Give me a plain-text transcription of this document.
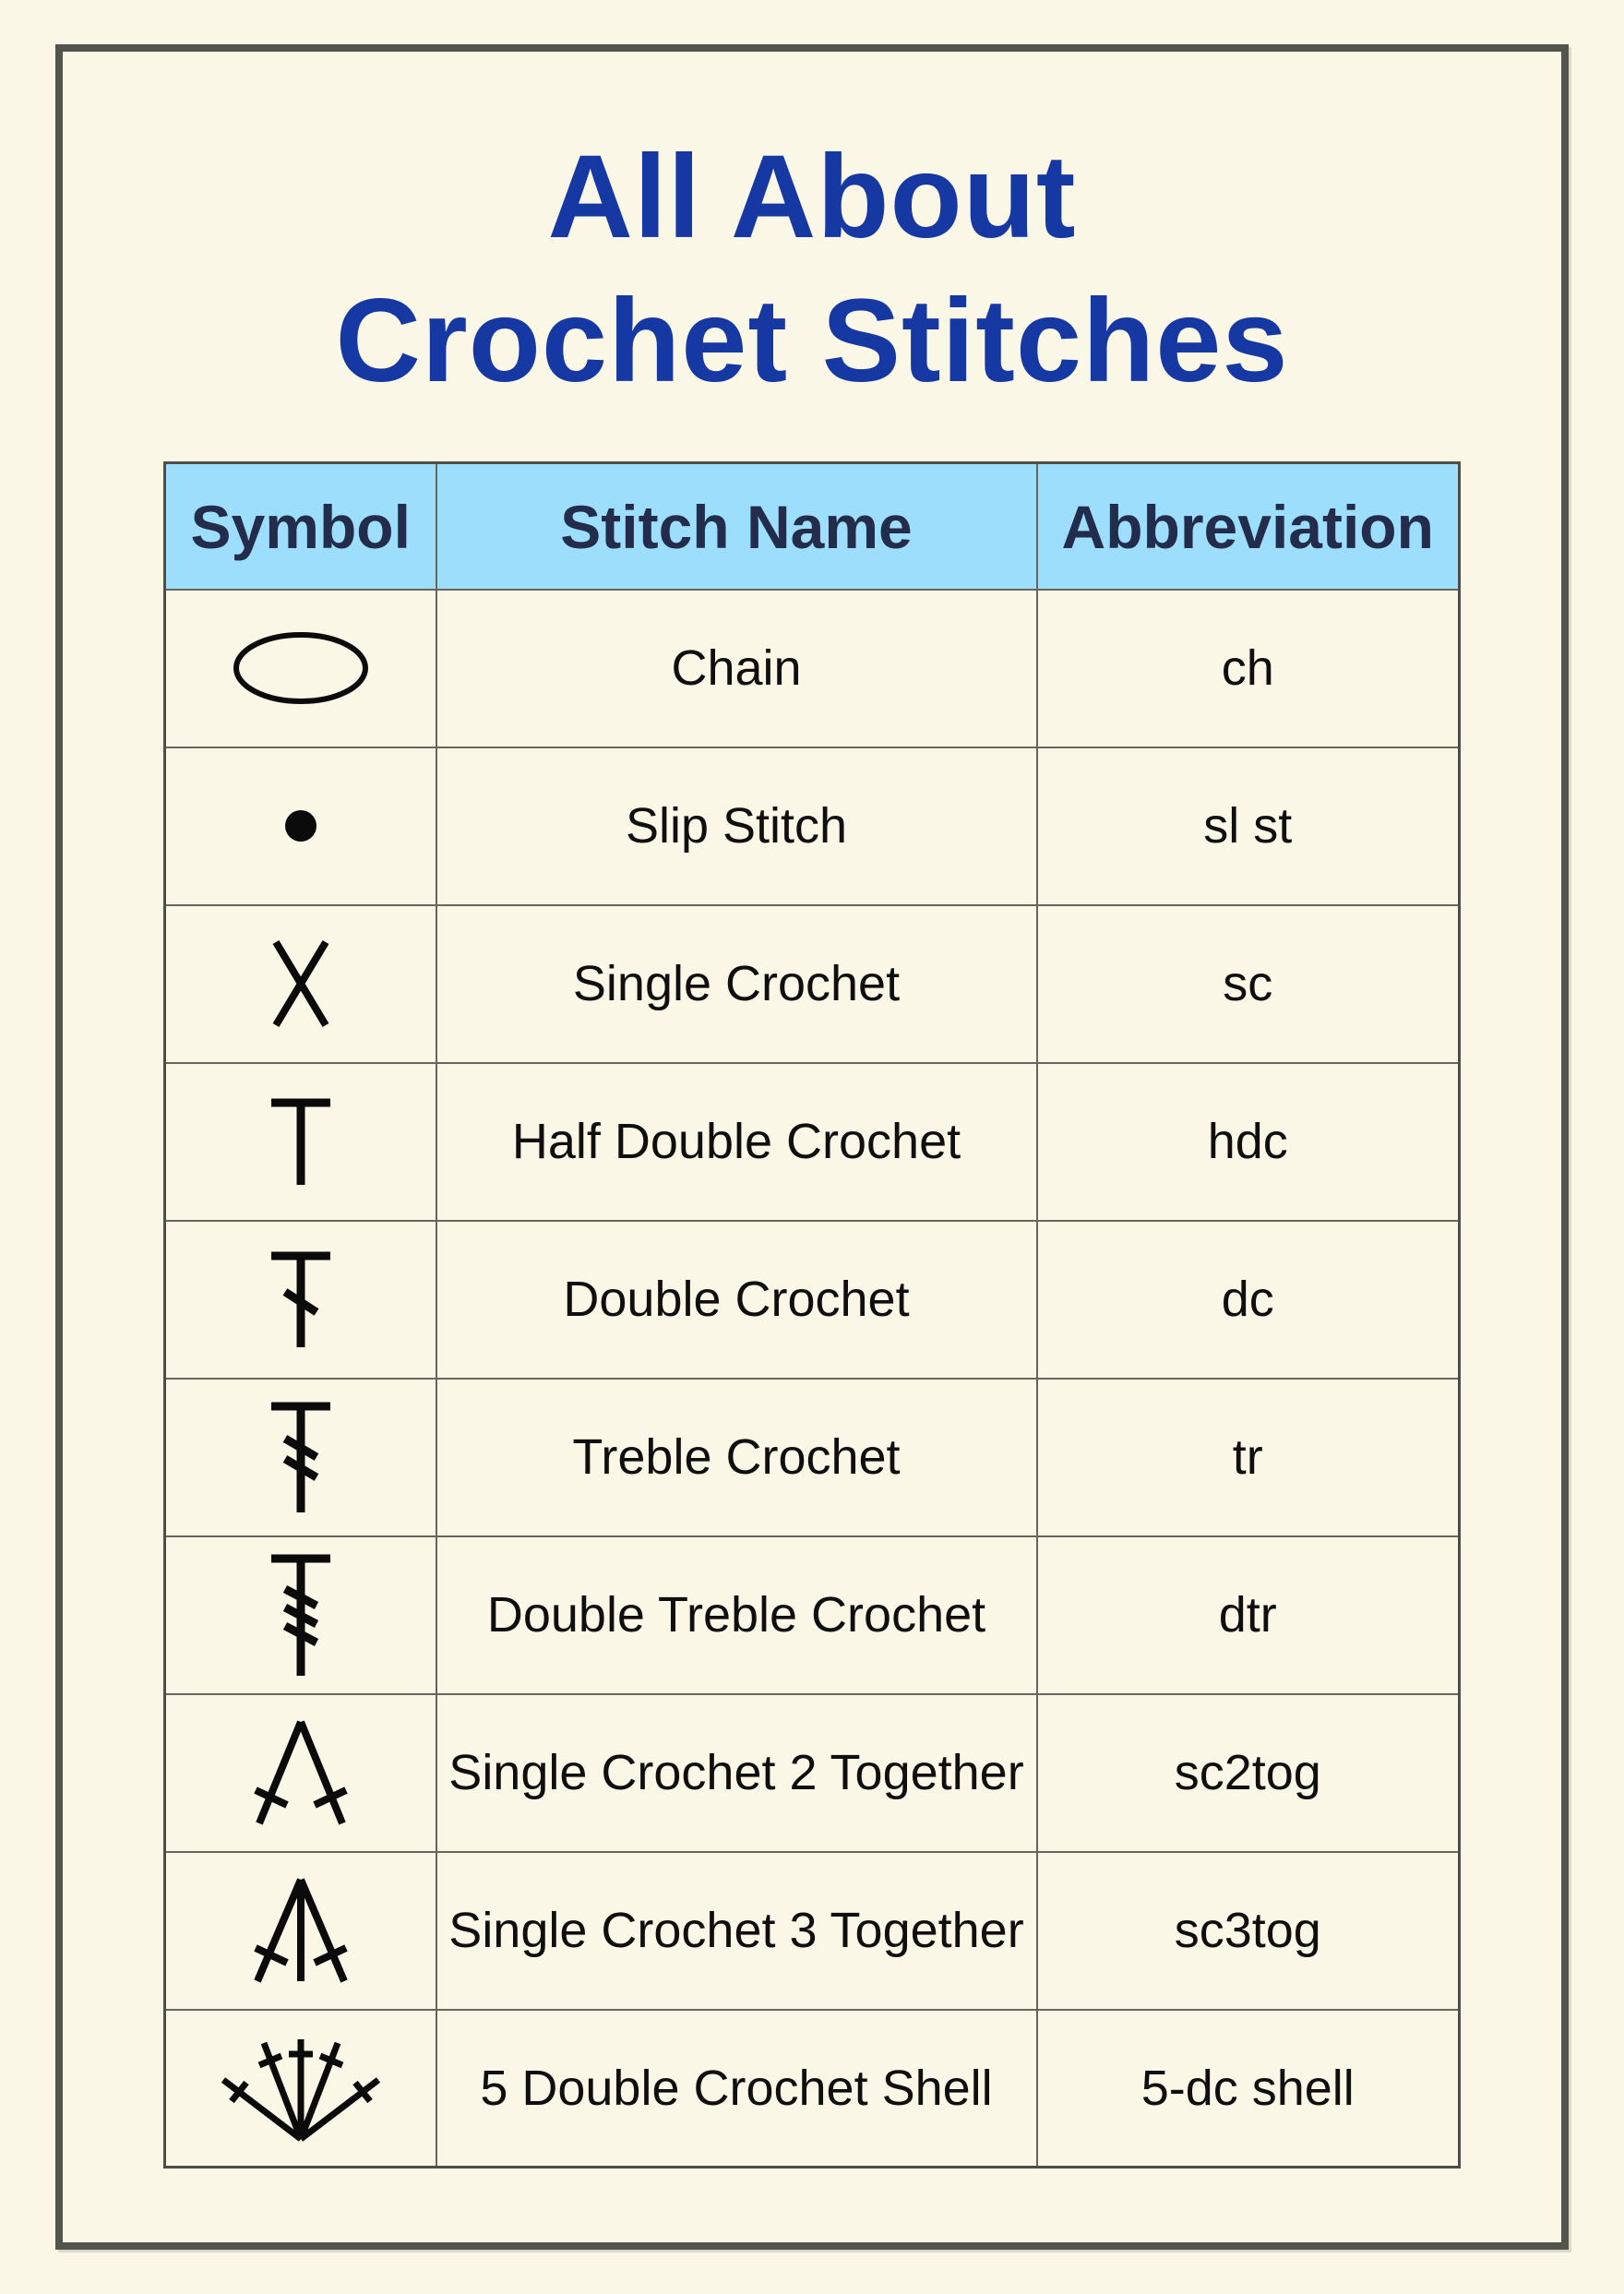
All About
Crochet Stitches
Symbol	Stitch Name	Abbreviation
	Chain	ch
	Slip Stitch	sl st
	Single Crochet	sc
	Half Double Crochet	hdc
	Double Crochet	dc
	Treble Crochet	tr
	Double Treble Crochet	dtr
	Single Crochet 2 Together	sc2tog
	Single Crochet 3 Together	sc3tog
	5 Double Crochet Shell	5-dc shell
